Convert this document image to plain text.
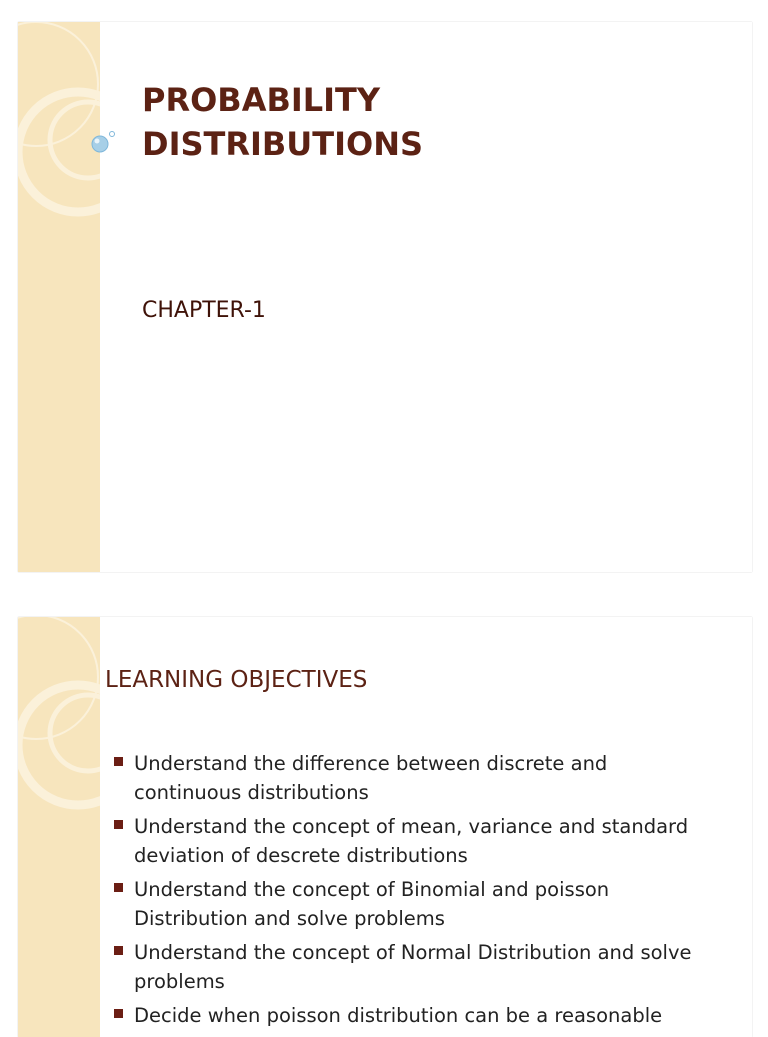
PROBABILITY
DISTRIBUTIONS
CHAPTER-1
LEARNING OBJECTIVES
Understand the difference between discrete and continuous distributions
Understand the concept of mean, variance and standard deviation of descrete distributions
Understand the concept of Binomial and poisson Distribution and solve problems
Understand the concept of Normal Distribution and solve problems
Decide when poisson distribution can be a reasonable
